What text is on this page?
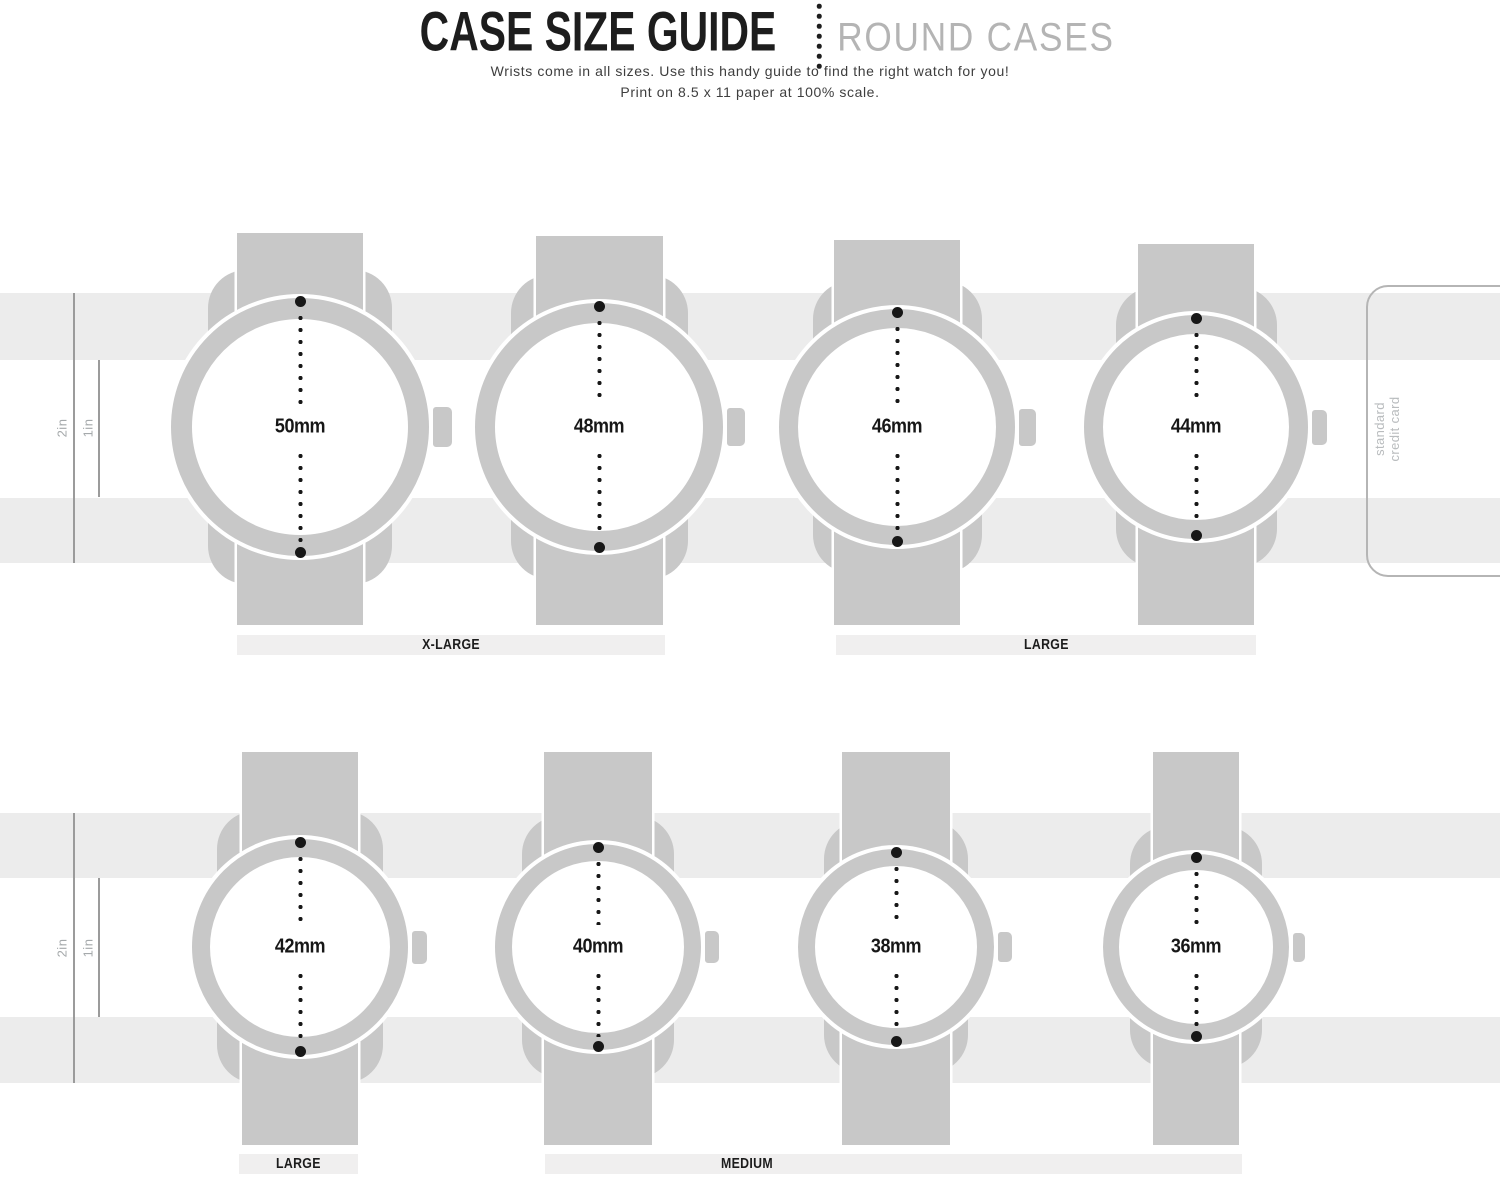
CASE SIZE GUIDE ROUND CASES
Wrists come in all sizes. Use this handy guide to find the right watch for you!
Print on 8.5 x 11 paper at 100% scale.
2in 1in
2in 1in
standard
credit card
50mm	48mm	46mm	44mm
42mm	40mm	38mm	36mm
X-LARGE	LARGE
LARGE	MEDIUM
